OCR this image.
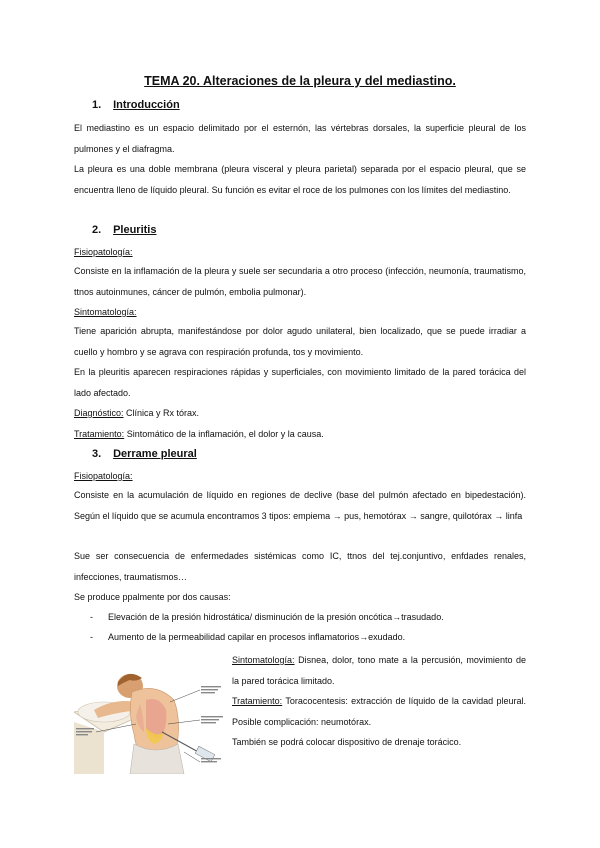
TEMA 20. Alteraciones de la pleura y del mediastino.
1. Introducción

El mediastino es un espacio delimitado por el esternón, las vértebras dorsales, la superficie pleural de los pulmones y el diafragma.

La pleura es una doble membrana (pleura visceral y pleura parietal) separada por el espacio pleural, que se encuentra lleno de líquido pleural. Su función es evitar el roce de los pulmones con los límites del mediastino.

2. Pleuritis
Fisiopatología:

Consiste en la inflamación de la pleura y suele ser secundaria a otro proceso (infección, neumonía, traumatismo, ttnos autoinmunes, cáncer de pulmón, embolia pulmonar).

Sintomatología:

Tiene aparición abrupta, manifestándose por dolor agudo unilateral, bien localizado, que se puede irradiar a cuello y hombro y se agrava con respiración profunda, tos y movimiento.

En la pleuritis aparecen respiraciones rápidas y superficiales, con movimiento limitado de la pared torácica del lado afectado.

Diagnóstico: Clínica y Rx tórax.

Tratamiento: Sintomático de la inflamación, el dolor y la causa.

3. Derrame pleural
Fisiopatología:

Consiste en la acumulación de líquido en regiones de declive (base del pulmón afectado en bipedestación). Según el líquido que se acumula encontramos 3 tipos: empiema → pus, hemotórax → sangre, quilotórax → linfa

Sue ser consecuencia de enfermedades sistémicas como IC, ttnos del tej.conjuntivo, enfdades renales, infecciones, traumatismos…

Se produce ppalmente por dos causas:

- Elevación de la presión hidrostática/ disminución de la presión oncótica→trasudado.
- Aumento de la permeabilidad capilar en procesos inflamatorios→exudado.

Sintomatología: Disnea, dolor, tono mate a la percusión, movimiento de la pared torácica limitado.

Tratamiento: Toracocentesis: extracción de líquido de la cavidad pleural. Posible complicación: neumotórax.

También se podrá colocar dispositivo de drenaje torácico.
